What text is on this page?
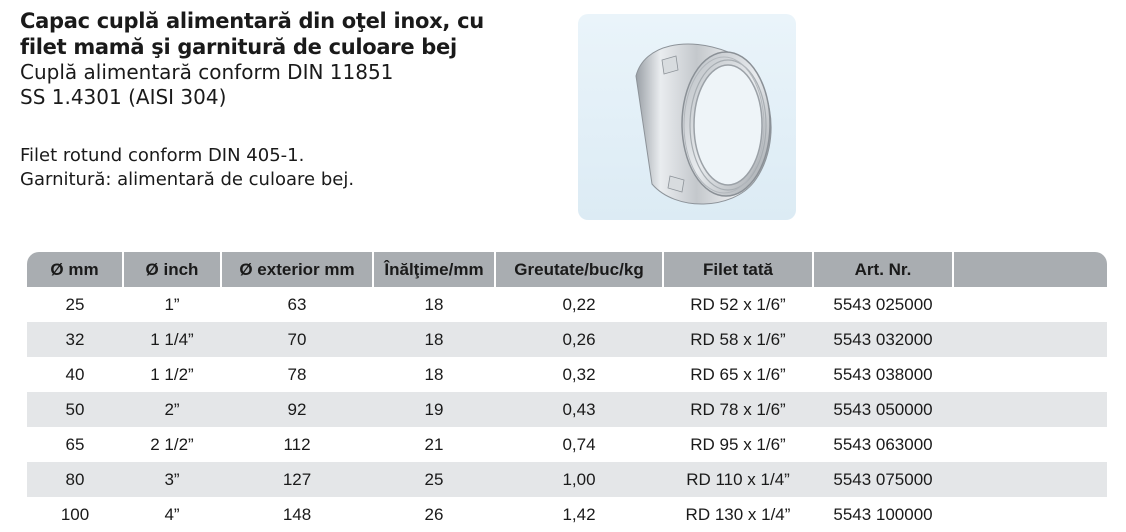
Capac cuplă alimentară din oţel inox, cu

filet mamă şi garnitură de culoare bej

Cuplă alimentară conform DIN 11851

SS 1.4301 (AISI 304)

Filet rotund conform DIN 405-1.
Garnitură: alimentară de culoare bej.
Ø mm	Ø inch	Ø exterior mm	Înălţime/mm	Greutate/buc/kg	Filet tată	Art. Nr.	
25	1”	63	18	0,22	RD 52 x 1/6”	5543 025000	
32	1 1/4”	70	18	0,26	RD 58 x 1/6”	5543 032000	
40	1 1/2”	78	18	0,32	RD 65 x 1/6”	5543 038000	
50	2”	92	19	0,43	RD 78 x 1/6”	5543 050000	
65	2 1/2”	112	21	0,74	RD 95 x 1/6”	5543 063000	
80	3”	127	25	1,00	RD 110 x 1/4”	5543 075000	
100	4”	148	26	1,42	RD 130 x 1/4”	5543 100000	
